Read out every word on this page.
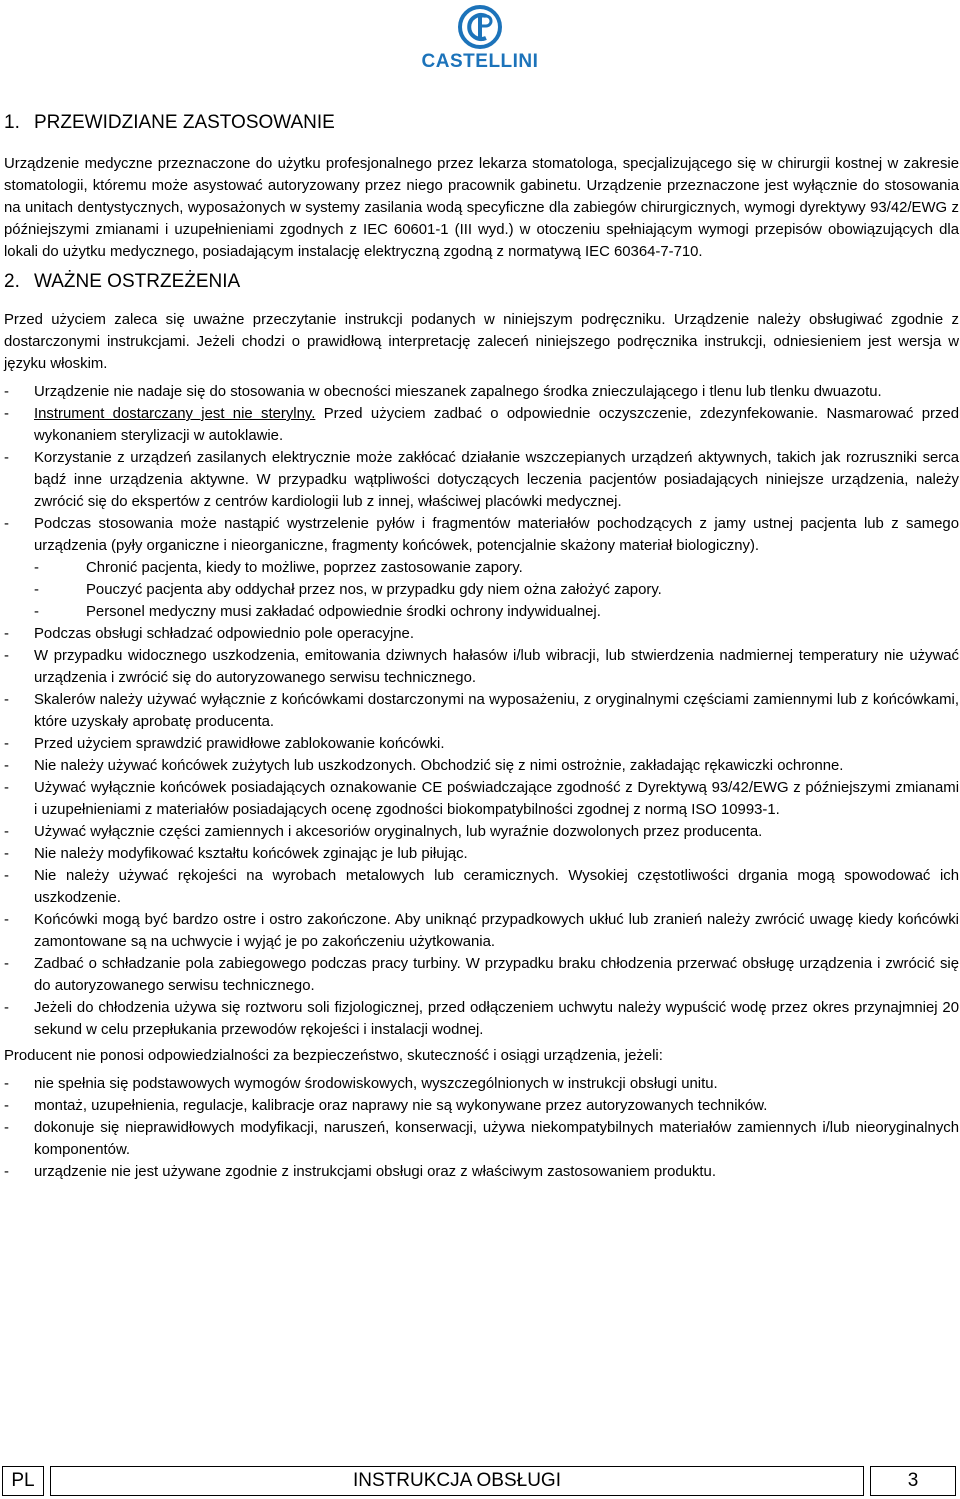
CASTELLINI
1. PRZEWIDZIANE ZASTOSOWANIE

Urządzenie medyczne przeznaczone do użytku profesjonalnego przez lekarza stomatologa, specjalizującego się w chirurgii kostnej w zakresie stomatologii, któremu może asystować autoryzowany przez niego pracownik gabinetu. Urządzenie przeznaczone jest wyłącznie do stosowania na unitach dentystycznych, wyposażonych w systemy zasilania wodą specyficzne dla zabiegów chirurgicznych, wymogi dyrektywy 93/42/EWG z późniejszymi zmianami i uzupełnieniami zgodnych z IEC 60601-1 (III wyd.) w otoczeniu spełniającym wymogi przepisów obowiązujących dla lokali do użytku medycznego, posiadającym instalację elektryczną zgodną z normatywą IEC 60364-7-710.

2. WAŻNE OSTRZEŻENIA

Przed użyciem zaleca się uważne przeczytanie instrukcji podanych w niniejszym podręczniku. Urządzenie należy obsługiwać zgodnie z dostarczonymi instrukcjami. Jeżeli chodzi o prawidłową interpretację zaleceń niniejszego podręcznika instrukcji, odniesieniem jest wersja w języku włoskim.

- Urządzenie nie nadaje się do stosowania w obecności mieszanek zapalnego środka znieczulającego i tlenu lub tlenku dwuazotu.
- Instrument dostarczany jest nie sterylny. Przed użyciem zadbać o odpowiednie oczyszczenie, zdezynfekowanie. Nasmarować przed wykonaniem sterylizacji w autoklawie.
- Korzystanie z urządzeń zasilanych elektrycznie może zakłócać działanie wszczepianych urządzeń aktywnych, takich jak rozruszniki serca bądź inne urządzenia aktywne. W przypadku wątpliwości dotyczących leczenia pacjentów posiadających niniejsze urządzenia, należy zwrócić się do ekspertów z centrów kardiologii lub z innej, właściwej placówki medycznej.
- Podczas stosowania może nastąpić wystrzelenie pyłów i fragmentów materiałów pochodzących z jamy ustnej pacjenta lub z samego urządzenia (pyły organiczne i nieorganiczne, fragmenty końcówek, potencjalnie skażony materiał biologiczny).
- Chronić pacjenta, kiedy to możliwe, poprzez zastosowanie zapory.
- Pouczyć pacjenta aby oddychał przez nos, w przypadku gdy niem ożna założyć zapory.
- Personel medyczny musi zakładać odpowiednie środki ochrony indywidualnej.
- Podczas obsługi schładzać odpowiednio pole operacyjne.
- W przypadku widocznego uszkodzenia, emitowania dziwnych hałasów i/lub wibracji, lub stwierdzenia nadmiernej temperatury nie używać urządzenia i zwrócić się do autoryzowanego serwisu technicznego.
- Skalerów należy używać wyłącznie z końcówkami dostarczonymi na wyposażeniu, z oryginalnymi częściami zamiennymi lub z końcówkami, które uzyskały aprobatę producenta.
- Przed użyciem sprawdzić prawidłowe zablokowanie końcówki.
- Nie należy używać końcówek zużytych lub uszkodzonych. Obchodzić się z nimi ostrożnie, zakładając rękawiczki ochronne.
- Używać wyłącznie końcówek posiadających oznakowanie CE poświadczające zgodność z Dyrektywą 93/42/EWG z późniejszymi zmianami i uzupełnieniami z materiałów posiadających ocenę zgodności biokompatybilności zgodnej z normą ISO 10993-1.
- Używać wyłącznie części zamiennych i akcesoriów oryginalnych, lub wyraźnie dozwolonych przez producenta.
- Nie należy modyfikować kształtu końcówek zginając je lub piłując.
- Nie należy używać rękojeści na wyrobach metalowych lub ceramicznych. Wysokiej częstotliwości drgania mogą spowodować ich uszkodzenie.
- Końcówki mogą być bardzo ostre i ostro zakończone. Aby uniknąć przypadkowych ukłuć lub zranień należy zwrócić uwagę kiedy końcówki zamontowane są na uchwycie i wyjąć je po zakończeniu użytkowania.
- Zadbać o schładzanie pola zabiegowego podczas pracy turbiny. W przypadku braku chłodzenia przerwać obsługę urządzenia i zwrócić się do autoryzowanego serwisu technicznego.
- Jeżeli do chłodzenia używa się roztworu soli fizjologicznej, przed odłączeniem uchwytu należy wypuścić wodę przez okres przynajmniej 20 sekund w celu przepłukania przewodów rękojeści i instalacji wodnej.

Producent nie ponosi odpowiedzialności za bezpieczeństwo, skuteczność i osiągi urządzenia, jeżeli:

- nie spełnia się podstawowych wymogów środowiskowych, wyszczególnionych w instrukcji obsługi unitu.
- montaż, uzupełnienia, regulacje, kalibracje oraz naprawy nie są wykonywane przez autoryzowanych techników.
- dokonuje się nieprawidłowych modyfikacji, naruszeń, konserwacji, używa niekompatybilnych materiałów zamiennych i/lub nieoryginalnych komponentów.
- urządzenie nie jest używane zgodnie z instrukcjami obsługi oraz z właściwym zastosowaniem produktu.
PL	INSTRUKCJA OBSŁUGI	3
